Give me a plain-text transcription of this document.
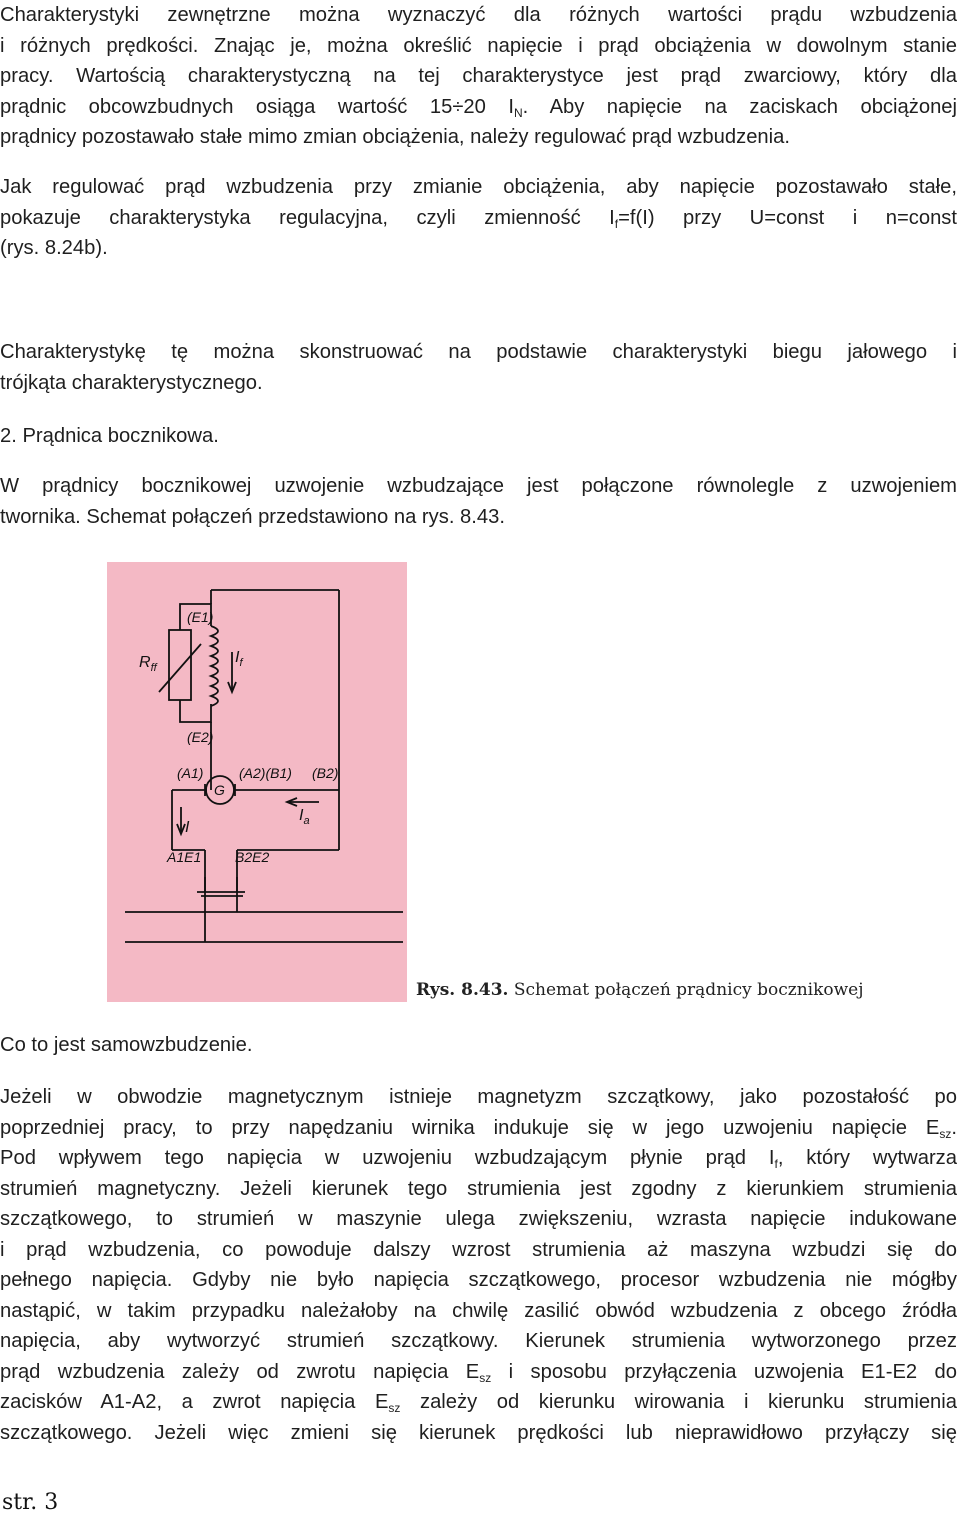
Charakterystyki zewnętrzne można wyznaczyć dla różnych wartości prądu wzbudzenia
i różnych prędkości. Znając je, można określić napięcie i prąd obciążenia w dowolnym stanie
pracy. Wartością charakterystyczną na tej charakterystyce jest prąd zwarciowy, który dla
prądnic obcowzbudnych osiąga wartość 15÷20 $I_N$. Aby napięcie na zaciskach obciążonej
prądnicy pozostawało stałe mimo zmian obciążenia, należy regulować prąd wzbudzenia.
Jak regulować prąd wzbudzenia przy zmianie obciążenia, aby napięcie pozostawało stałe,
pokazuje charakterystyka regulacyjna, czyli zmienność $I_f=f(I)$ przy U=const i n=const
(rys. 8.24b).
Charakterystykę tę można skonstruować na podstawie charakterystyki biegu jałowego i
trójkąta charakterystycznego.
2. Prądnica bocznikowa.
W prądnicy bocznikowej uzwojenie wzbudzające jest połączone równolegle z uzwojeniem
twornika. Schemat połączeń przedstawiono na rys. 8.43.
(E1)
(E2)
$R_{ff}$
$I_f$
(A1)	(A2)(B1) (B2)
G
I
$I_a$
A1E1 B2E2
Rys. 8.43. Schemat połączeń prądnicy bocznikowej
Co to jest samowzbudzenie.
Jeżeli w obwodzie magnetycznym istnieje magnetyzm szczątkowy, jako pozostałość po
poprzedniej pracy, to przy napędzaniu wirnika indukuje się w jego uzwojeniu napięcie $E_{sz}$.
Pod wpływem tego napięcia w uzwojeniu wzbudzającym płynie prąd $I_f$, który wytwarza
strumień magnetyczny. Jeżeli kierunek tego strumienia jest zgodny z kierunkiem strumienia
szczątkowego, to strumień w maszynie ulega zwiększeniu, wzrasta napięcie indukowane
i prąd wzbudzenia, co powoduje dalszy wzrost strumienia aż maszyna wzbudzi się do
pełnego napięcia. Gdyby nie było napięcia szczątkowego, procesor wzbudzenia nie mógłby
nastąpić, w takim przypadku należałoby na chwilę zasilić obwód wzbudzenia z obcego źródła
napięcia, aby wytworzyć strumień szczątkowy. Kierunek strumienia wytworzonego przez
prąd wzbudzenia zależy od zwrotu napięcia $E_{sz}$ i sposobu przyłączenia uzwojenia E1-E2 do
zacisków A1-A2, a zwrot napięcia $E_{sz}$ zależy od kierunku wirowania i kierunku strumienia
szczątkowego. Jeżeli więc zmieni się kierunek prędkości lub nieprawidłowo przyłączy się
str. 3
